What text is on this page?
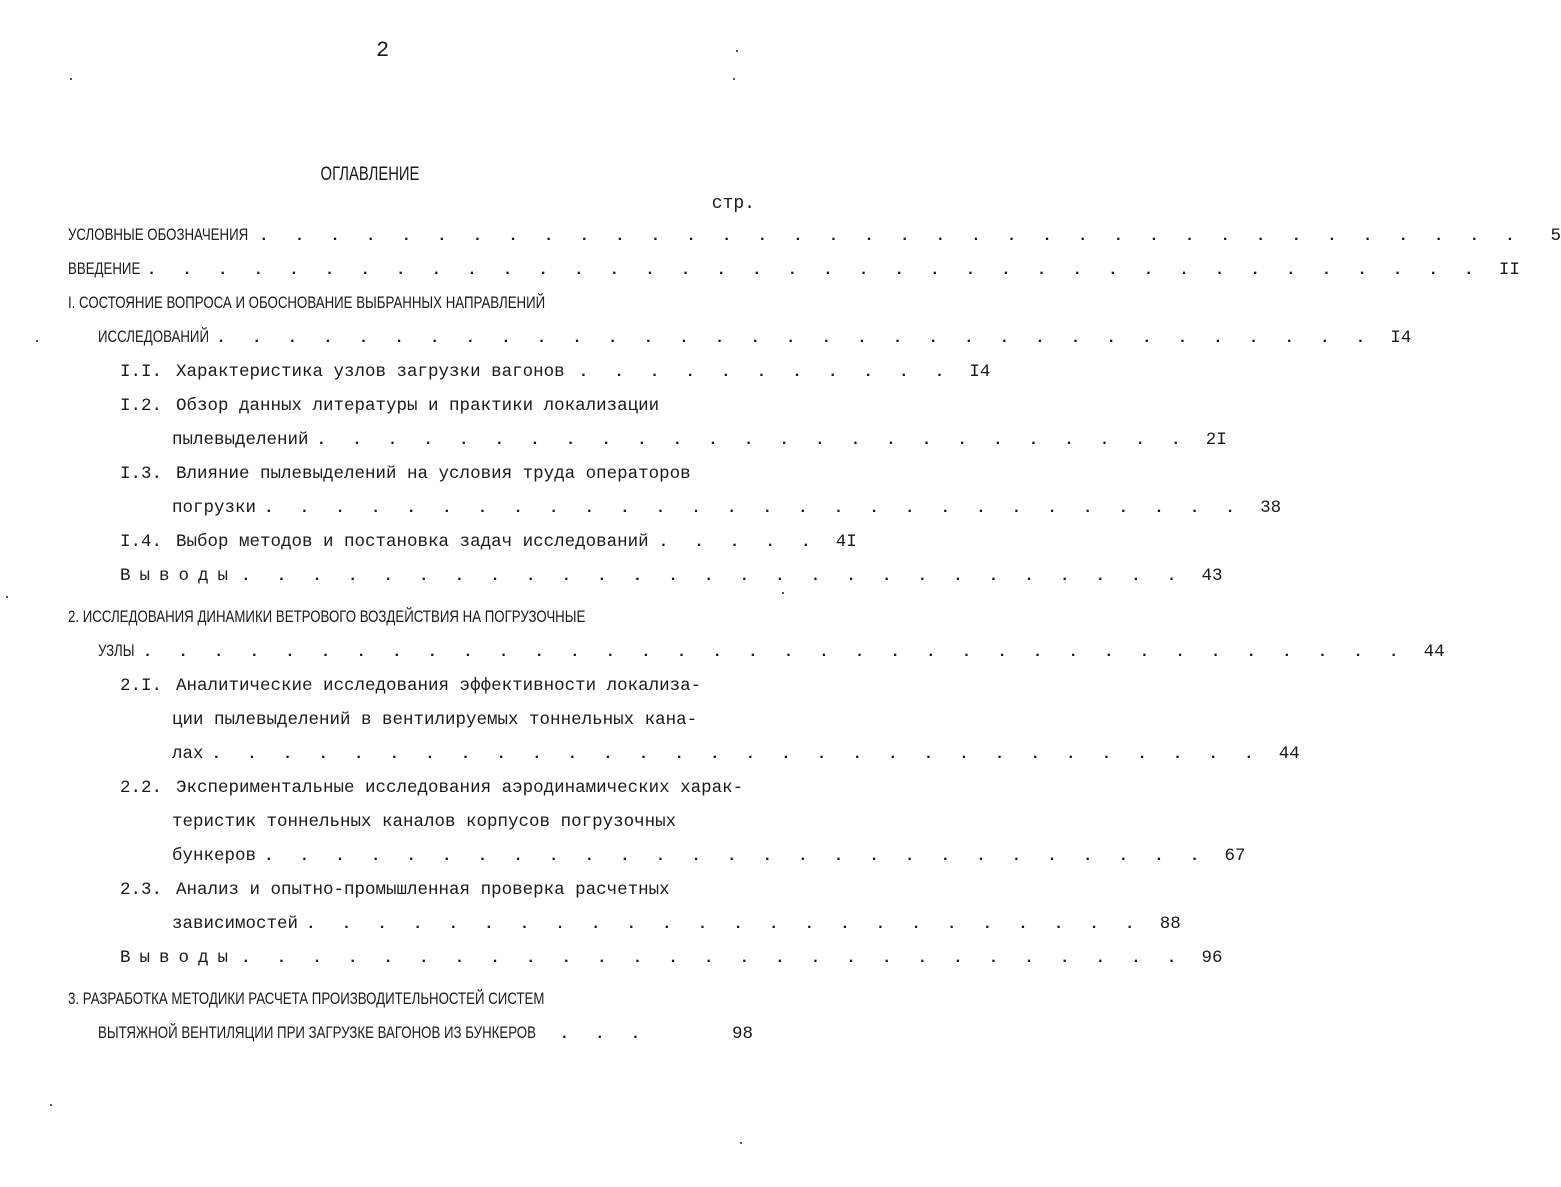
2
ОГЛАВЛЕНИЕ
стр.
УСЛОВНЫЕ ОБОЗНАЧЕНИЯ . . . . . . . . . . . . . . . . . . . . . . . . . . . . . . . . . . . .	5
ВВЕДЕНИЕ . . . . . . . . . . . . . . . . . . . . . . . . . . . . . . . . . . . . . . II
I. СОСТОЯНИЕ ВОПРОСА И ОБОСНОВАНИЕ ВЫБРАННЫХ НАПРАВЛЕНИЙ
ИССЛЕДОВАНИЙ . . . . . . . . . . . . . . . . . . . . . . . . . . . . . . . . . I4
I.I. Характеристика узлов загрузки вагонов . . . . . . . . . . . I4
I.2. Обзор данных литературы и практики локализации
пылевыделений . . . . . . . . . . . . . . . . . . . . . . . . . 2I
I.3. Влияние пылевыделений на условия труда операторов
погрузки . . . . . . . . . . . . . . . . . . . . . . . . . . . . 38
I.4. Выбор методов и постановка задач исследований . . . . . 4I
Выводы . . . . . . . . . . . . . . . . . . . . . . . . . . . 43
2. ИССЛЕДОВАНИЯ ДИНАМИКИ ВЕТРОВОГО ВОЗДЕЙСТВИЯ НА ПОГРУЗОЧНЫЕ
УЗЛЫ . . . . . . . . . . . . . . . . . . . . . . . . . . . . . . . . . . . . 44
2.I. Аналитические исследования эффективности локализа-
ции пылевыделений в вентилируемых тоннельных кана-
лах . . . . . . . . . . . . . . . . . . . . . . . . . . . . . . 44
2.2. Экспериментальные исследования аэродинамических харак-
теристик тоннельных каналов корпусов погрузочных
бункеров . . . . . . . . . . . . . . . . . . . . . . . . . . . 67
2.3. Анализ и опытно-промышленная проверка расчетных
зависимостей . . . . . . . . . . . . . . . . . . . . . . . . 88
Выводы . . . . . . . . . . . . . . . . . . . . . . . . . . . 96
3. РАЗРАБОТКА МЕТОДИКИ РАСЧЕТА ПРОИЗВОДИТЕЛЬНОСТЕЙ СИСТЕМ
ВЫТЯЖНОЙ ВЕНТИЛЯЦИИ ПРИ ЗАГРУЗКЕ ВАГОНОВ ИЗ БУНКЕРОВ	. . .	98
